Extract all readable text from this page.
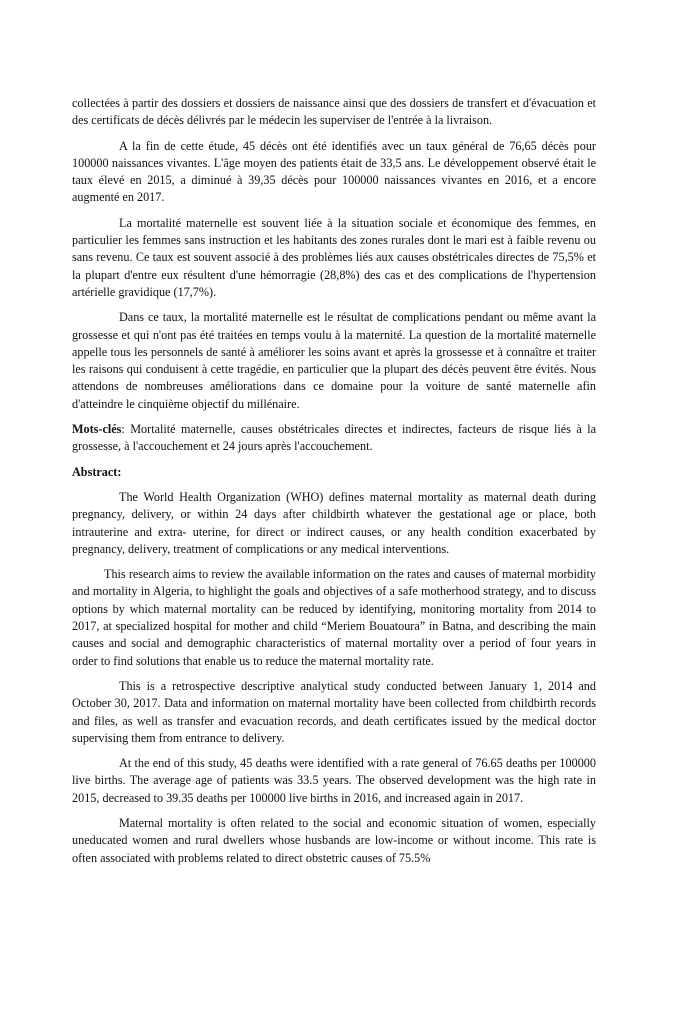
collectées à partir des dossiers et dossiers de naissance ainsi que des dossiers de transfert et d'évacuation et des certificats de décès délivrés par le médecin les superviser de l'entrée à la livraison.

A la fin de cette étude, 45 décès ont été identifiés avec un taux général de 76,65 décès pour 100000 naissances vivantes. L'âge moyen des patients était de 33,5 ans. Le développement observé était le taux élevé en 2015, a diminué à 39,35 décès pour 100000 naissances vivantes en 2016, et a encore augmenté en 2017.

La mortalité maternelle est souvent liée à la situation sociale et économique des femmes, en particulier les femmes sans instruction et les habitants des zones rurales dont le mari est à faible revenu ou sans revenu. Ce taux est souvent associé à des problèmes liés aux causes obstétricales directes de 75,5% et la plupart d'entre eux résultent d'une hémorragie (28,8%) des cas et des complications de l'hypertension artérielle gravidique (17,7%).

Dans ce taux, la mortalité maternelle est le résultat de complications pendant ou même avant la grossesse et qui n'ont pas été traitées en temps voulu à la maternité. La question de la mortalité maternelle appelle tous les personnels de santé à améliorer les soins avant et après la grossesse et à connaître et traiter les raisons qui conduisent à cette tragédie, en particulier que la plupart des décès peuvent être évités. Nous attendons de nombreuses améliorations dans ce domaine pour la voiture de santé maternelle afin d'atteindre le cinquième objectif du millénaire.

Mots-clés: Mortalité maternelle, causes obstétricales directes et indirectes, facteurs de risque liés à la grossesse, à l'accouchement et 24 jours après l'accouchement.

Abstract:

The World Health Organization (WHO) defines maternal mortality as maternal death during pregnancy, delivery, or within 24 days after childbirth whatever the gestational age or place, both intrauterine and extra- uterine, for direct or indirect causes, or any health condition exacerbated by pregnancy, delivery, treatment of complications or any medical interventions.

This research aims to review the available information on the rates and causes of maternal morbidity and mortality in Algeria, to highlight the goals and objectives of a safe motherhood strategy, and to discuss options by which maternal mortality can be reduced by identifying, monitoring mortality from 2014 to 2017, at specialized hospital for mother and child “Meriem Bouatoura” in Batna, and describing the main causes and social and demographic characteristics of maternal mortality over a period of four years in order to find solutions that enable us to reduce the maternal mortality rate.

This is a retrospective descriptive analytical study conducted between January 1, 2014 and October 30, 2017. Data and information on maternal mortality have been collected from childbirth records and files, as well as transfer and evacuation records, and death certificates issued by the medical doctor supervising them from entrance to delivery.

At the end of this study, 45 deaths were identified with a rate general of 76.65 deaths per 100000 live births. The average age of patients was 33.5 years. The observed development was the high rate in 2015, decreased to 39.35 deaths per 100000 live births in 2016, and increased again in 2017.

Maternal mortality is often related to the social and economic situation of women, especially uneducated women and rural dwellers whose husbands are low-income or without income. This rate is often associated with problems related to direct obstetric causes of 75.5%
